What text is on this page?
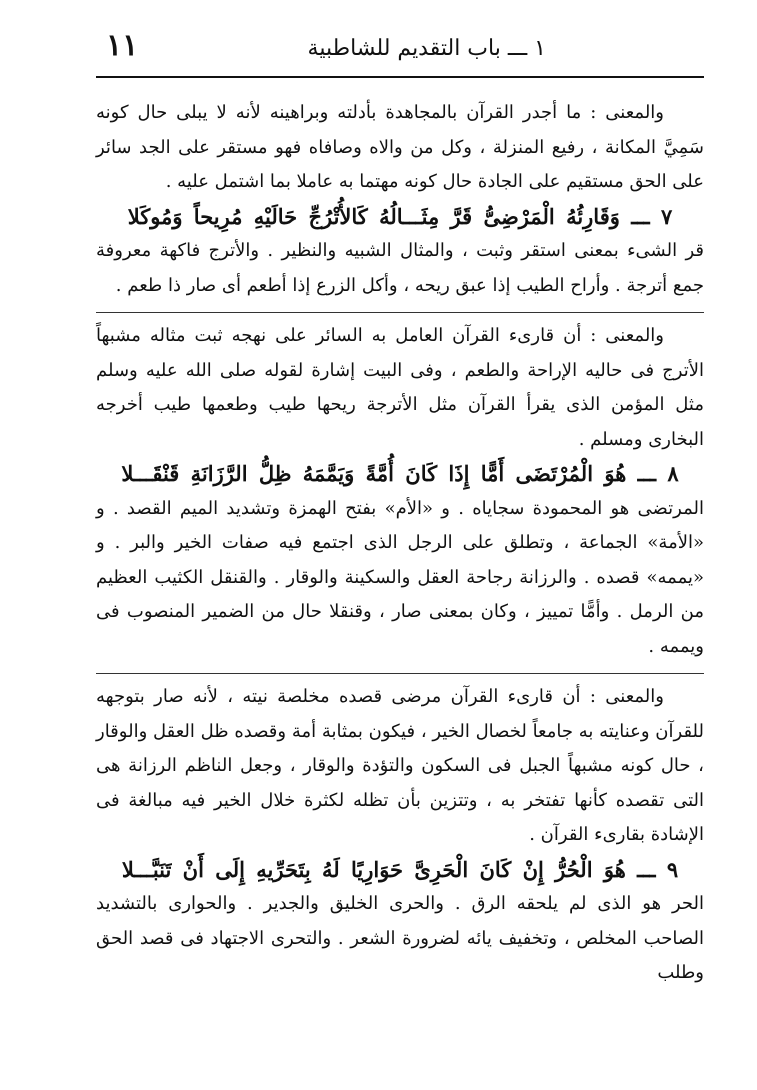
١ ـــ باب التقديم للشاطبية
١١

والمعنى : ما أجدر القرآن بالمجاهدة بأدلته وبراهينه لأنه لا يبلى حال كونه سَمِيَّ المكانة ، رفيع المنزلة ، وكل من والاه وصافاه فهو مستقر على الجد سائر على الحق مستقيم على الجادة حال كونه مهتما به عاملا بما اشتمل عليه .

٧ ـــ وَقَارِئُهُ الْمَرْضِىُّ قَرَّ مِثَـــالُهُ كَالأُتْرُجِّ حَالَيْهِ مُرِيحاً وَمُوكَلا

قر الشىء بمعنى استقر وثبت ، والمثال الشبيه والنظير . والأترج فاكهة معروفة جمع أترجة . وأراح الطيب إذا عبق ريحه ، وأكل الزرع إذا أطعم أى صار ذا طعم .

والمعنى : أن قارىء القرآن العامل به السائر على نهجه ثبت مثاله مشبهاً الأترج فى حاليه الإراحة والطعم ، وفى البيت إشارة لقوله صلى الله عليه وسلم مثل المؤمن الذى يقرأ القرآن مثل الأترجة ريحها طيب وطعمها طيب أخرجه البخارى ومسلم .

٨ ـــ هُوَ الْمُرْتَضَى أَمًّا إِذَا كَانَ أُمَّةً وَيَمَّمَهُ ظِلُّ الرَّزَانَةِ قَنْقَـــلا

المرتضى هو المحمودة سجاياه . و «الأم» بفتح الهمزة وتشديد الميم القصد . و «الأمة» الجماعة ، وتطلق على الرجل الذى اجتمع فيه صفات الخير والبر . و «يممه» قصده . والرزانة رجاحة العقل والسكينة والوقار . والقنقل الكثيب العظيم من الرمل . وأمًّا تمييز ، وكان بمعنى صار ، وقنقلا حال من الضمير المنصوب فى ويممه .

والمعنى : أن قارىء القرآن مرضى قصده مخلصة نيته ، لأنه صار بتوجهه للقرآن وعنايته به جامعاً لخصال الخير ، فيكون بمثابة أمة وقصده ظل العقل والوقار ، حال كونه مشبهاً الجبل فى السكون والتؤدة والوقار ، وجعل الناظم الرزانة هى التى تقصده كأنها تفتخر به ، وتتزين بأن تظله لكثرة خلال الخير فيه مبالغة فى الإشادة بقارىء القرآن .

٩ ـــ هُوَ الْحُرُّ إِنْ كَانَ الْحَرِىَّ حَوَارِيًا لَهُ بِتَحَرِّيهِ إِلَى أَنْ تَنَبَّـــلا

الحر هو الذى لم يلحقه الرق . والحرى الخليق والجدير . والحوارى بالتشديد الصاحب المخلص ، وتخفيف يائه لضرورة الشعر . والتحرى الاجتهاد فى قصد الحق وطلب
